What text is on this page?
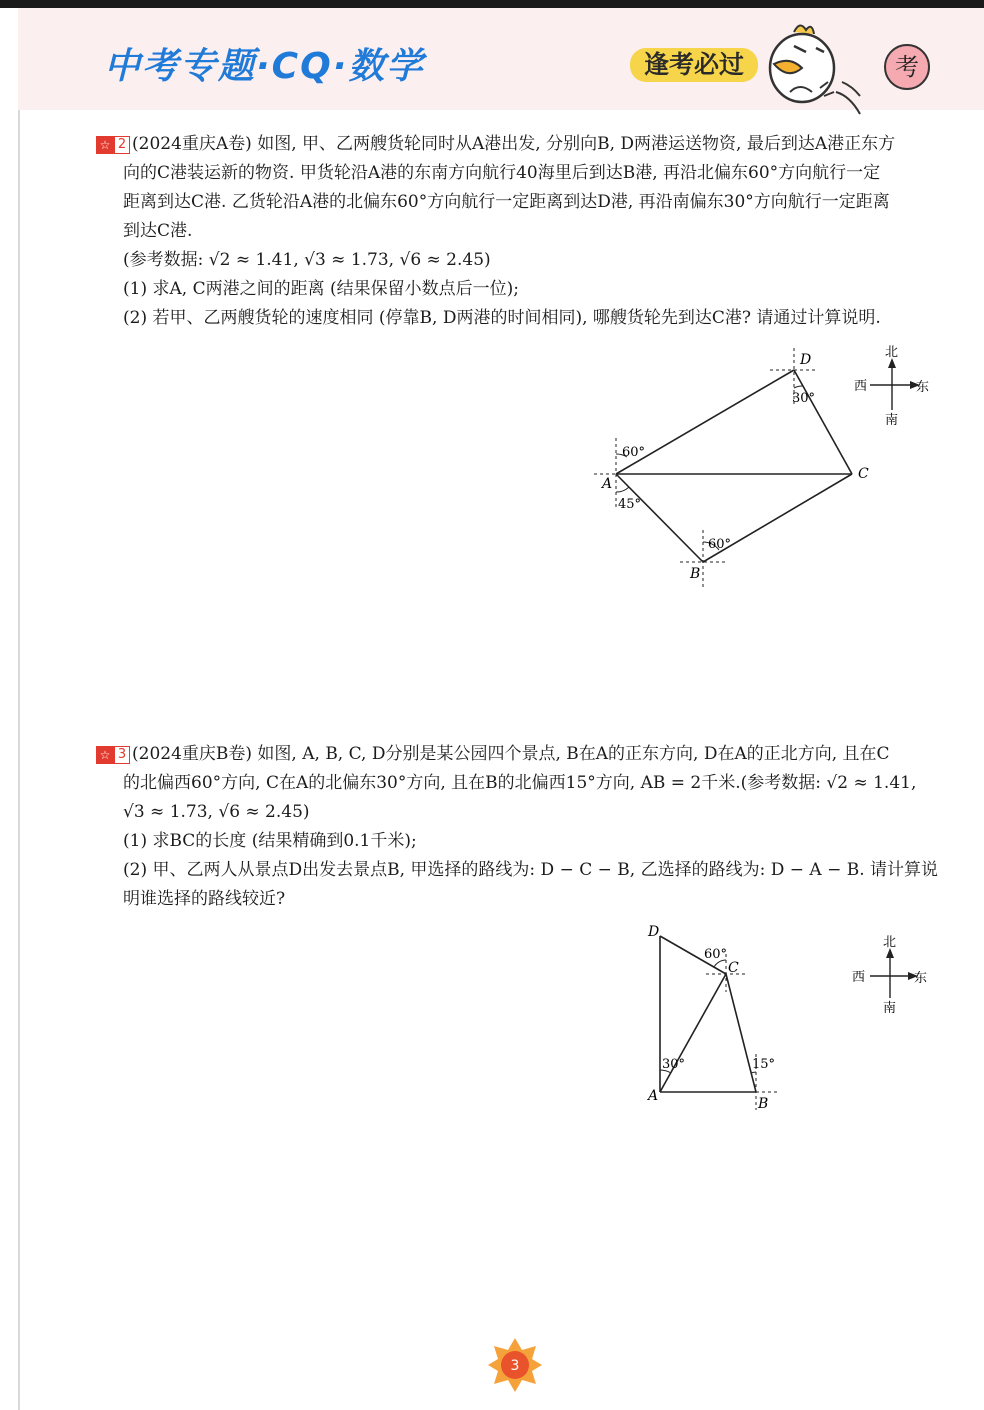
中考专题·CQ·数学	逢考必过	考

☆ 2 (2024重庆A卷) 如图, 甲、乙两艘货轮同时从A港出发, 分别向B, D两港运送物资, 最后到达A港正东方

向的C港装运新的物资. 甲货轮沿A港的东南方向航行40海里后到达B港, 再沿北偏东60°方向航行一定

距离到达C港. 乙货轮沿A港的北偏东60°方向航行一定距离到达D港, 再沿南偏东30°方向航行一定距离

到达C港.

(参考数据: √2 ≈ 1.41, √3 ≈ 1.73, √6 ≈ 2.45)

(1) 求A, C两港之间的距离 (结果保留小数点后一位);

(2) 若甲、乙两艘货轮的速度相同 (停靠B, D两港的时间相同), 哪艘货轮先到达C港? 请通过计算说明.

60°
45°
60°
30°
A
B
C
D	北
南
东
西

☆ 3 (2024重庆B卷) 如图, A, B, C, D分别是某公园四个景点, B在A的正东方向, D在A的正北方向, 且在C

的北偏西60°方向, C在A的北偏东30°方向, 且在B的北偏西15°方向, AB = 2千米.(参考数据: √2 ≈ 1.41,

√3 ≈ 1.73, √6 ≈ 2.45)

(1) 求BC的长度 (结果精确到0.1千米);

(2) 甲、乙两人从景点D出发去景点B, 甲选择的路线为: D − C − B, 乙选择的路线为: D − A − B. 请计算说

明谁选择的路线较近?

60°
30°	15°
D
C
A	B
北
南
东
西
3
